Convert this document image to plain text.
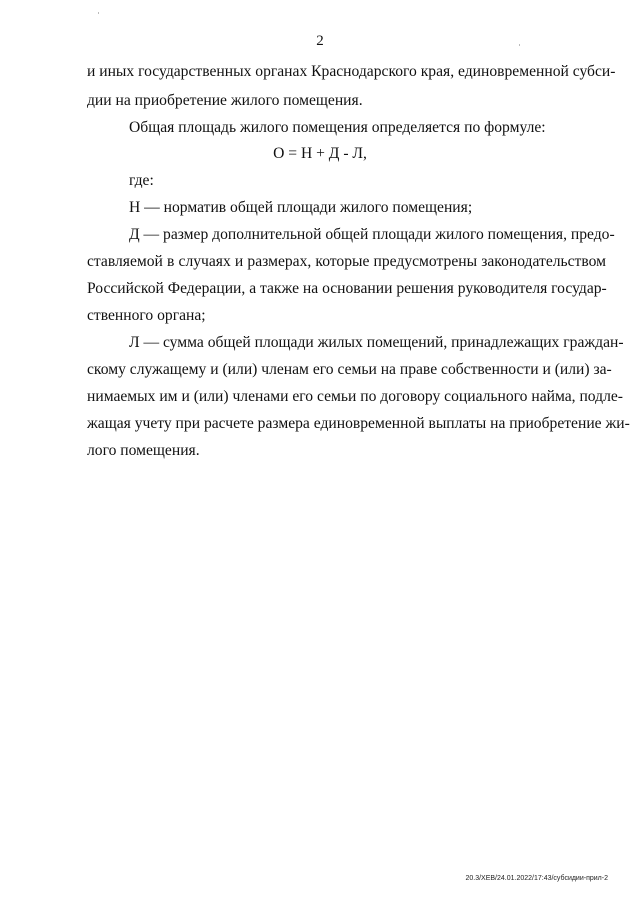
2
и иных государственных органах Краснодарского края, единовременной субси-
дии на приобретение жилого помещения.
Общая площадь жилого помещения определяется по формуле:
О = Н + Д - Л,
где:
Н — норматив общей площади жилого помещения;
Д — размер дополнительной общей площади жилого помещения, предо-
ставляемой в случаях и размерах, которые предусмотрены законодательством
Российской Федерации, а также на основании решения руководителя государ-
ственного органа;
Л — сумма общей площади жилых помещений, принадлежащих граждан-
скому служащему и (или) членам его семьи на праве собственности и (или) за-
нимаемых им и (или) членами его семьи по договору социального найма, подле-
жащая учету при расчете размера единовременной выплаты на приобретение жи-
лого помещения.
20.3/ХЕВ/24.01.2022/17:43/субсидии-прил-2
